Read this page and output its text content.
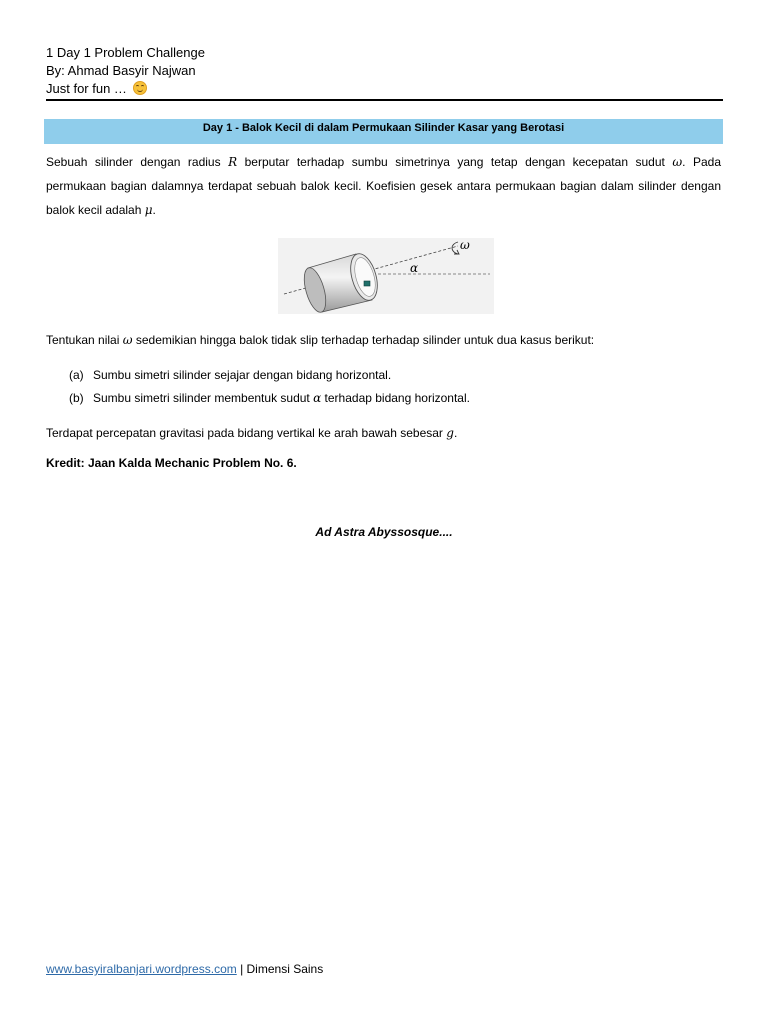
1 Day 1 Problem Challenge
By: Ahmad Basyir Najwan
Just for fun …
Day 1 - Balok Kecil di dalam Permukaan Silinder Kasar yang Berotasi
Sebuah silinder dengan radius R berputar terhadap sumbu simetrinya yang tetap dengan kecepatan sudut ω. Pada permukaan bagian dalamnya terdapat sebuah balok kecil. Koefisien gesek antara permukaan bagian dalam silinder dengan balok kecil adalah μ.
ω
α
Tentukan nilai ω sedemikian hingga balok tidak slip terhadap terhadap silinder untuk dua kasus berikut:
(a) Sumbu simetri silinder sejajar dengan bidang horizontal.
(b) Sumbu simetri silinder membentuk sudut α terhadap bidang horizontal.
Terdapat percepatan gravitasi pada bidang vertikal ke arah bawah sebesar g.
Kredit: Jaan Kalda Mechanic Problem No. 6.
Ad Astra Abyssosque....
www.basyiralbanjari.wordpress.com | Dimensi Sains
